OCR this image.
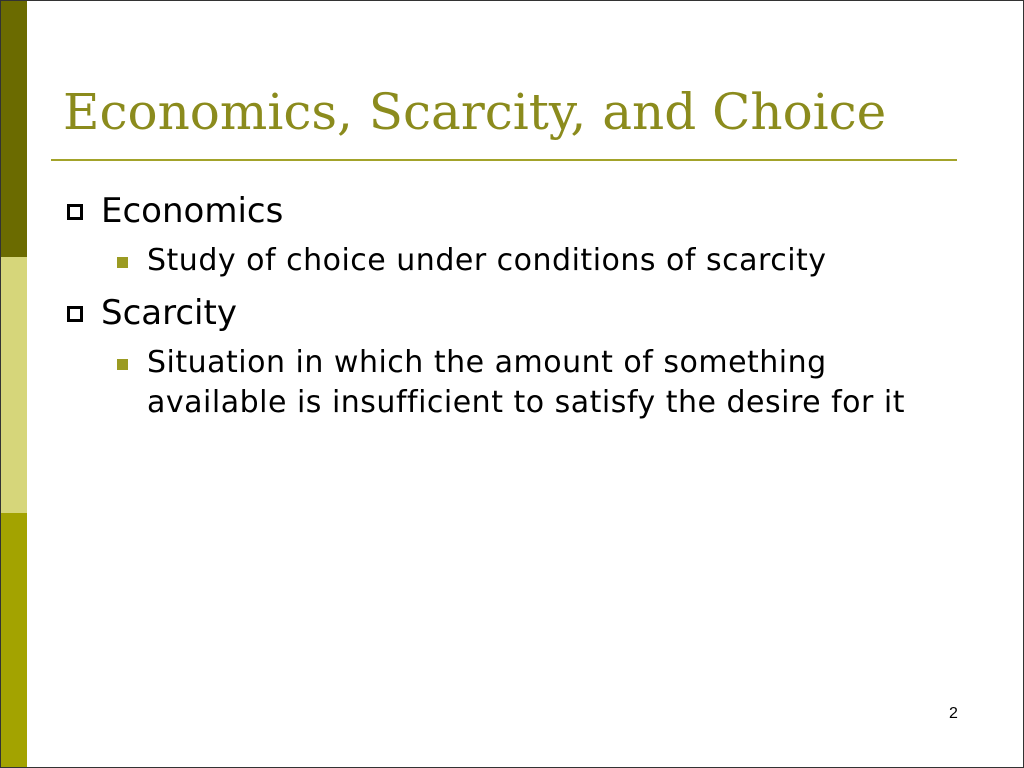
Economics, Scarcity, and Choice

Economics

Study of choice under conditions of scarcity

Scarcity

Situation in which the amount of something available is insufficient to satisfy the desire for it

2
